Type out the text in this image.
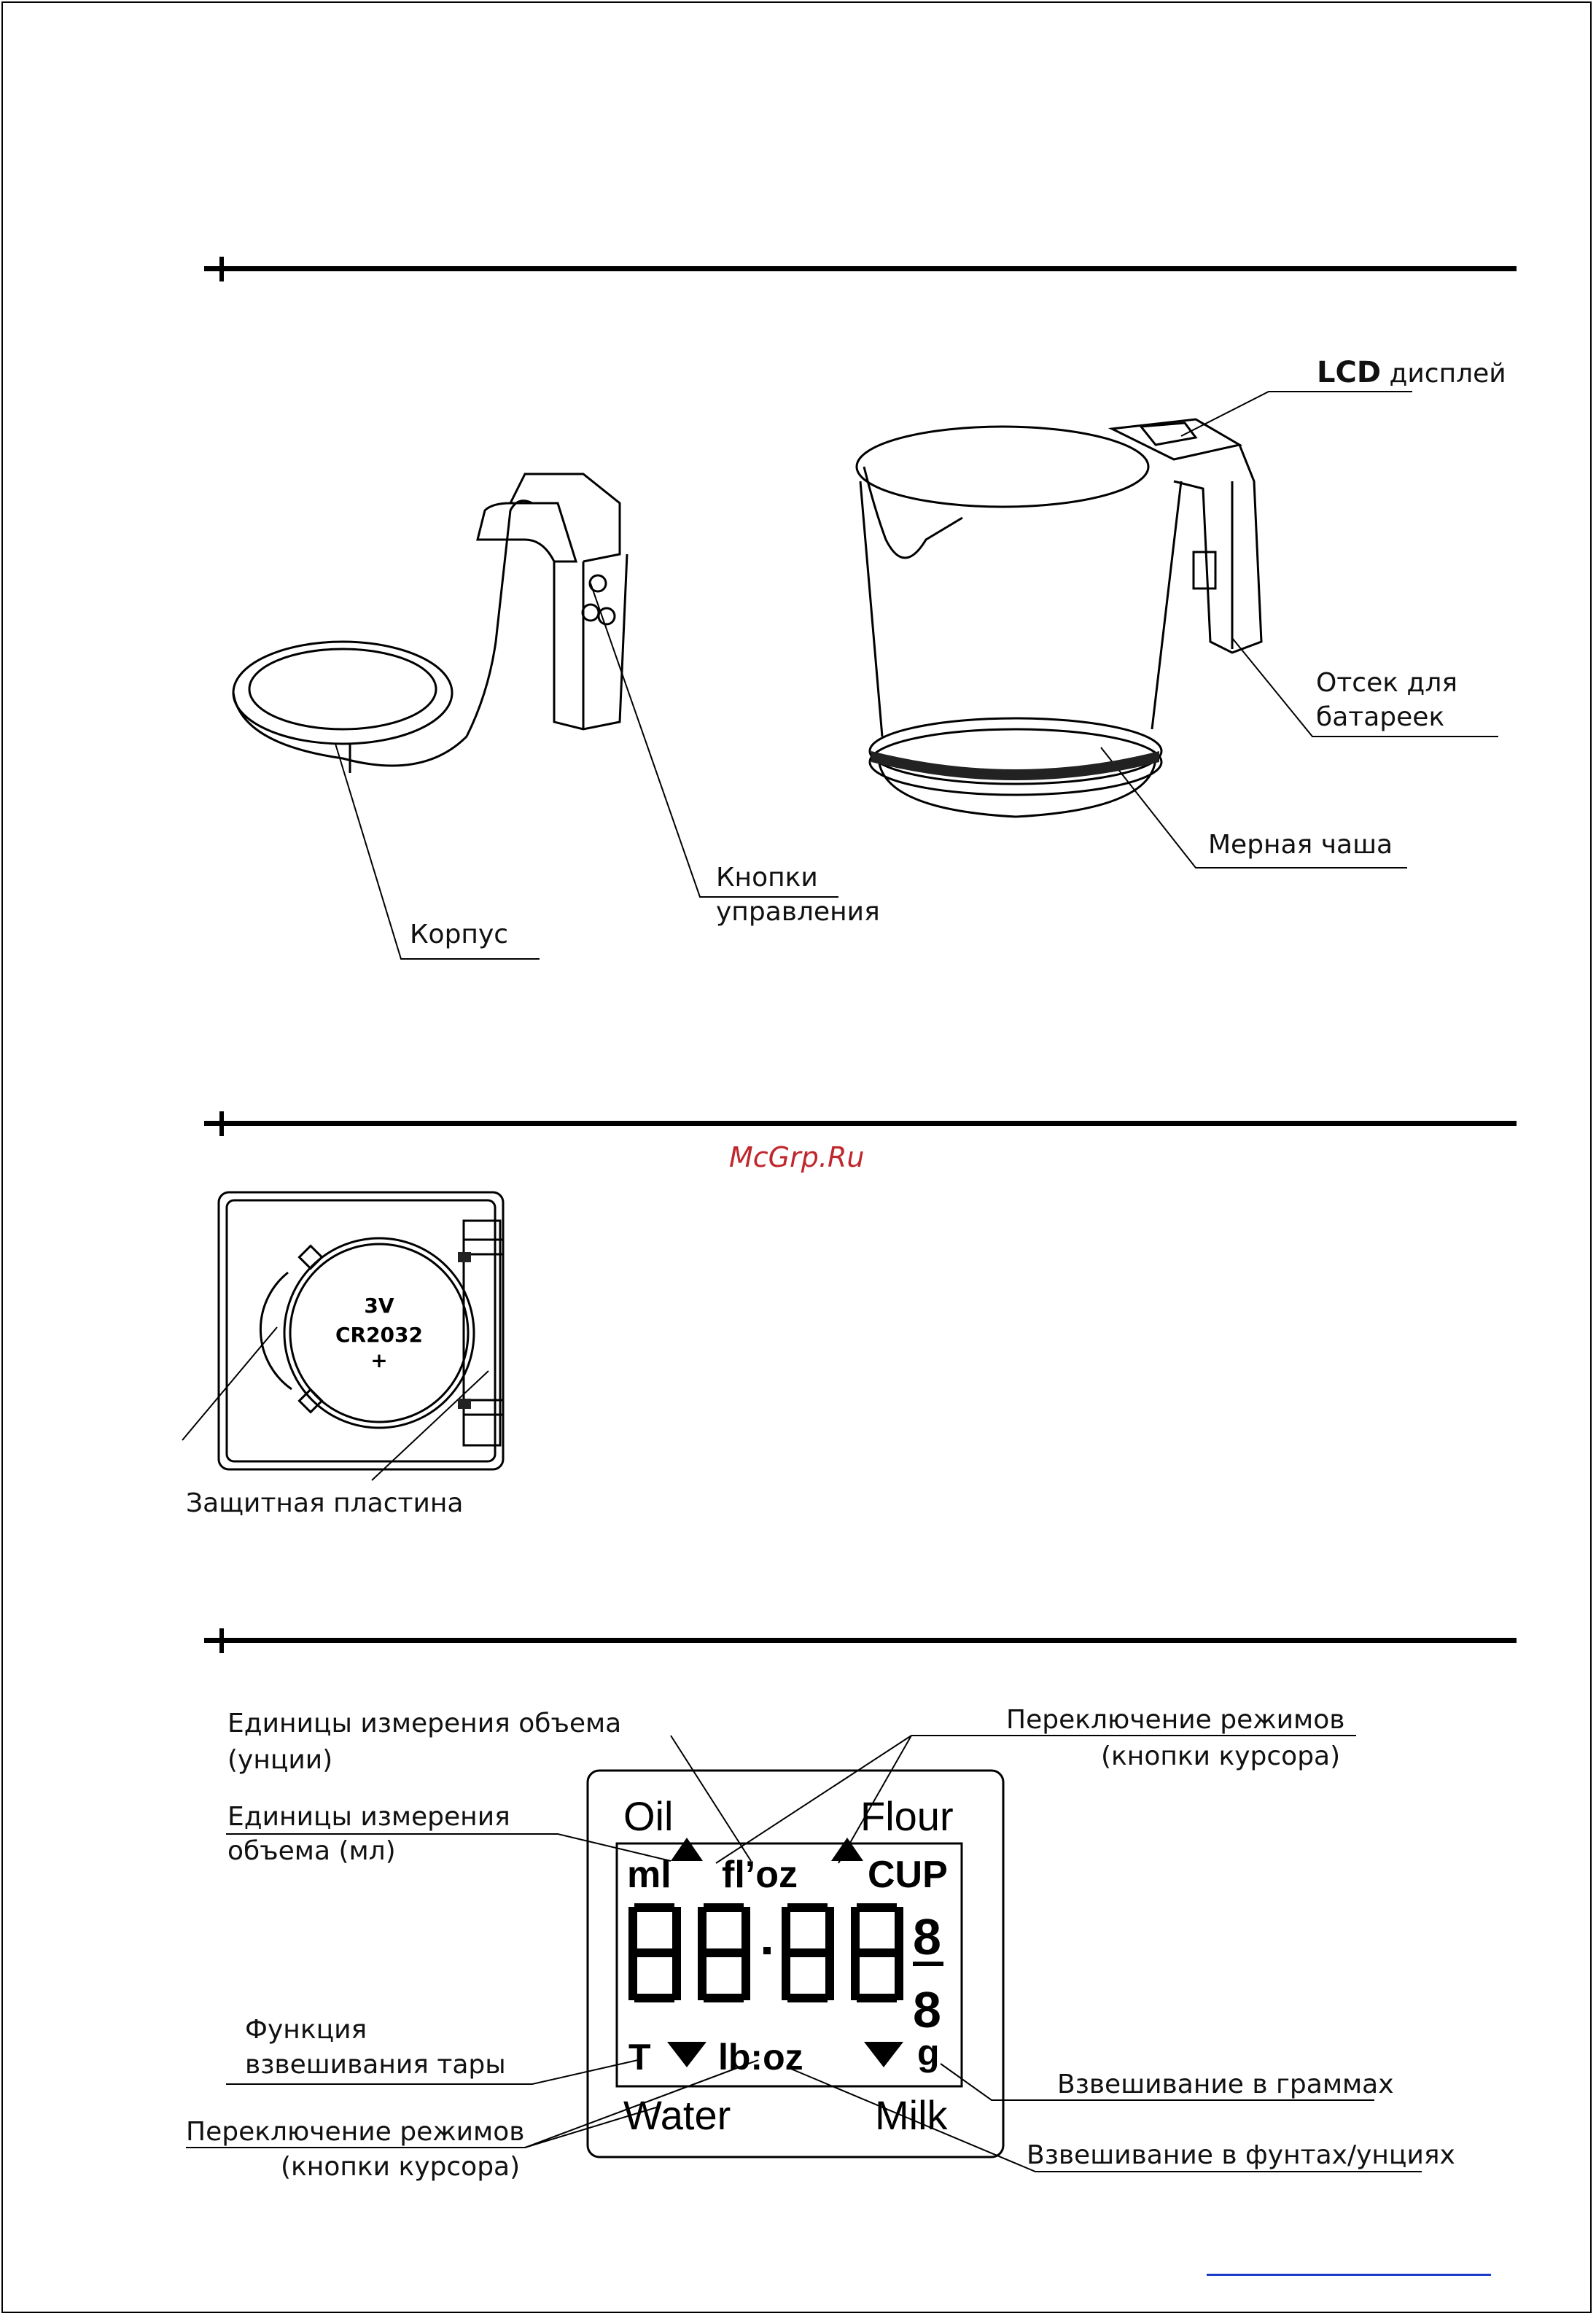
McGrp.Ru
Oil	Flour
ml fl’oz CUP
8
8
T lb:oz	g
Water	Milk
3V
CR2032
+
LCD дисплей
Отсек для
батареек
Мерная чаша
Кнопки
управления
Корпус
Защитная пластина
Единицы измерения объема
(унции)
Единицы измерения
объема (мл)
Переключение режимов
(кнопки курсора)
Функция
взвешивания тары
Переключение режимов
(кнопки курсора)
Взвешивание в граммах
Взвешивание в фунтах/унциях
